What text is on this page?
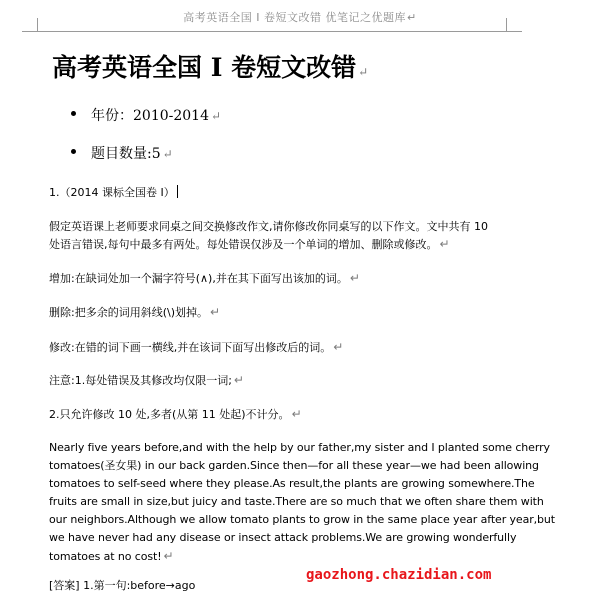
高考英语全国 I 卷短文改错 优笔记之优题库↵
高考英语全国 I 卷短文改错 ↵
年份：2010-2014 ↵
题目数量:5 ↵
1.（2014 课标全国卷 I）
假定英语课上老师要求同桌之间交换修改作文,请你修改你同桌写的以下作文。文中共有 10
处语言错误,每句中最多有两处。每处错误仅涉及一个单词的增加、删除或修改。 ↵
增加:在缺词处加一个漏字符号(∧),并在其下面写出该加的词。 ↵
删除:把多余的词用斜线(\)划掉。 ↵
修改:在错的词下画一横线,并在该词下面写出修改后的词。 ↵
注意:1.每处错误及其修改均仅限一词; ↵
2.只允许修改 10 处,多者(从第 11 处起)不计分。 ↵
Nearly five years before,and with the help by our father,my sister and I planted some cherry
tomatoes(圣女果) in our back garden.Since then—for all these year—we had been allowing
tomatoes to self-seed where they please.As result,the plants are growing somewhere.The
fruits are small in size,but juicy and taste.There are so much that we often share them with
our neighbors.Although we allow tomato plants to grow in the same place year after year,but
we have never had any disease or insect attack problems.We are growing wonderfully
tomatoes at no cost! ↵
[答案] 1.第一句:before→ago
gaozhong.chazidian.com
